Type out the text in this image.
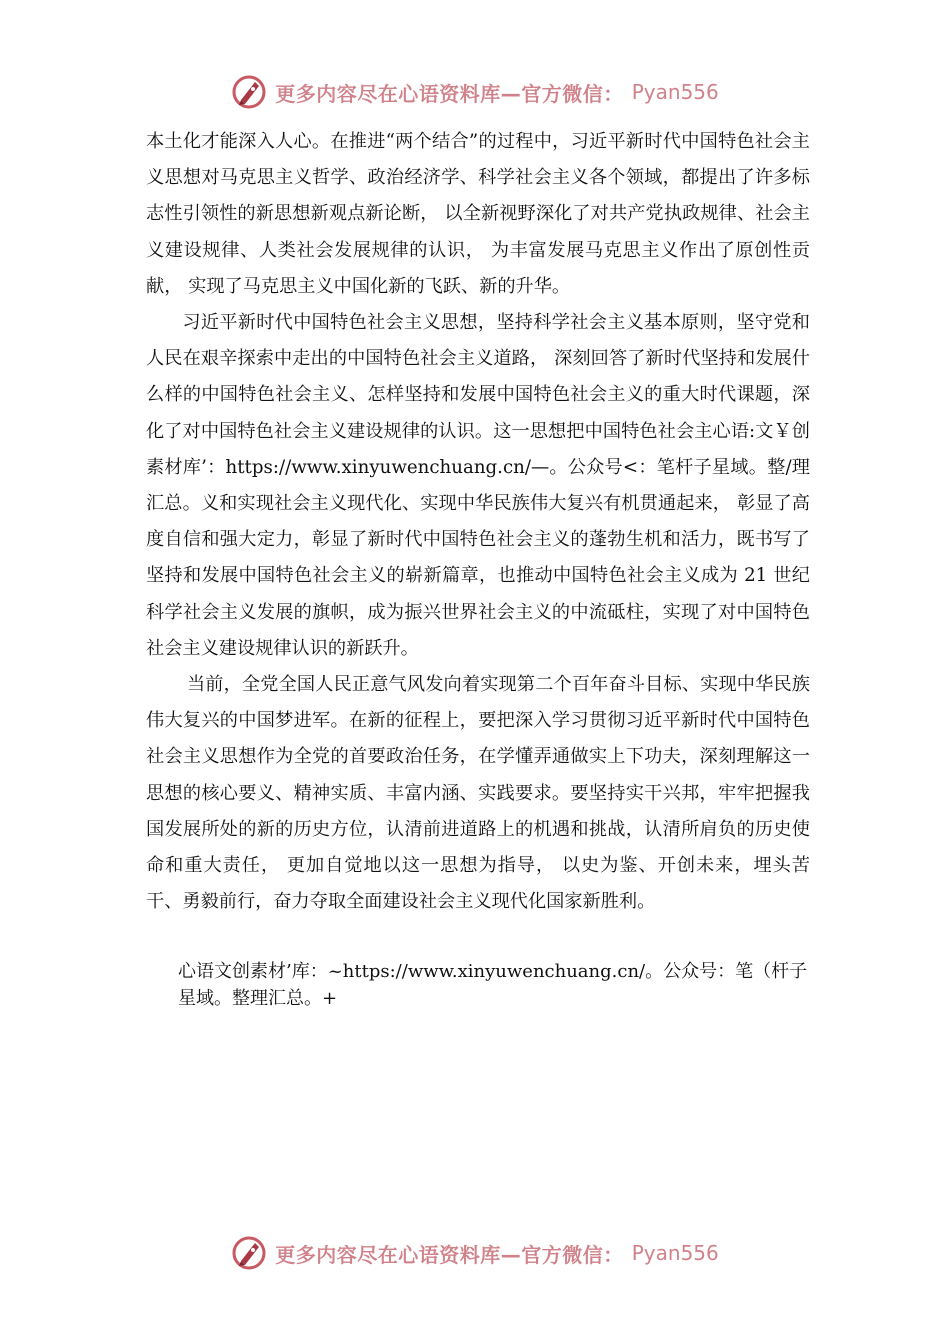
更多内容尽在心语资料库—官方微信： Pyan556

本土化才能深入人心。在推进“两个结合”的过程中，习近平新时代中国特色社会主义思想对马克思主义哲学、政治经济学、科学社会主义各个领域，都提出了许多标志性引领性的新思想新观点新论断， 以全新视野深化了对共产党执政规律、社会主义建设规律、人类社会发展规律的认识， 为丰富发展马克思主义作出了原创性贡献， 实现了马克思主义中国化新的飞跃、新的升华。

习近平新时代中国特色社会主义思想，坚持科学社会主义基本原则，坚守党和人民在艰辛探索中走出的中国特色社会主义道路， 深刻回答了新时代坚持和发展什么样的中国特色社会主义、怎样坚持和发展中国特色社会主义的重大时代课题，深化了对中国特色社会主义建设规律的认识。这一思想把中国特色社会主心语:文￥创素材库’：https://www.xinyuwenchuang.cn/—。公众号<：笔杆子星域。整/理汇总。义和实现社会主义现代化、实现中华民族伟大复兴有机贯通起来， 彰显了高度自信和强大定力，彰显了新时代中国特色社会主义的蓬勃生机和活力，既书写了坚持和发展中国特色社会主义的崭新篇章，也推动中国特色社会主义成为 21 世纪科学社会主义发展的旗帜，成为振兴世界社会主义的中流砥柱，实现了对中国特色社会主义建设规律认识的新跃升。

当前，全党全国人民正意气风发向着实现第二个百年奋斗目标、实现中华民族伟大复兴的中国梦进军。在新的征程上，要把深入学习贯彻习近平新时代中国特色社会主义思想作为全党的首要政治任务，在学懂弄通做实上下功夫，深刻理解这一思想的核心要义、精神实质、丰富内涵、实践要求。要坚持实干兴邦，牢牢把握我国发展所处的新的历史方位，认清前进道路上的机遇和挑战，认清所肩负的历史使命和重大责任， 更加自觉地以这一思想为指导， 以史为鉴、开创未来，埋头苦干、勇毅前行，奋力夺取全面建设社会主义现代化国家新胜利。

心语文创素材’库：~https://www.xinyuwenchuang.cn/。公众号：笔（杆子星域。整理汇总。+

更多内容尽在心语资料库—官方微信： Pyan556
